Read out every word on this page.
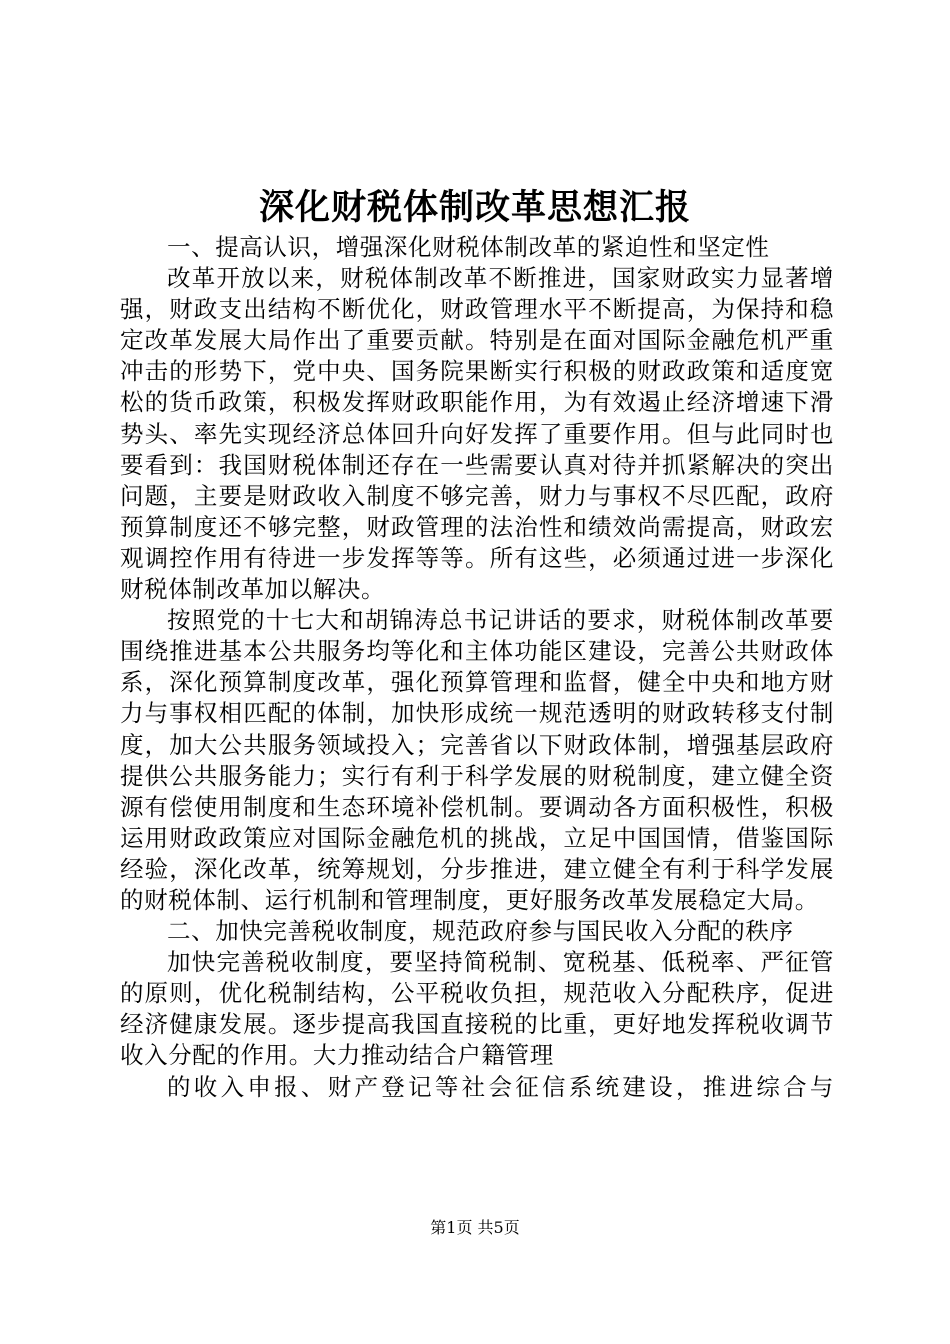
深化财税体制改革思想汇报

一、提高认识，增强深化财税体制改革的紧迫性和坚定性

改革开放以来，财税体制改革不断推进，国家财政实力显著增强，财政支出结构不断优化，财政管理水平不断提高，为保持和稳定改革发展大局作出了重要贡献。特别是在面对国际金融危机严重冲击的形势下，党中央、国务院果断实行积极的财政政策和适度宽松的货币政策，积极发挥财政职能作用，为有效遏止经济增速下滑势头、率先实现经济总体回升向好发挥了重要作用。但与此同时也要看到：我国财税体制还存在一些需要认真对待并抓紧解决的突出问题，主要是财政收入制度不够完善，财力与事权不尽匹配，政府预算制度还不够完整，财政管理的法治性和绩效尚需提高，财政宏观调控作用有待进一步发挥等等。所有这些，必须通过进一步深化财税体制改革加以解决。

按照党的十七大和胡锦涛总书记讲话的要求，财税体制改革要围绕推进基本公共服务均等化和主体功能区建设，完善公共财政体系，深化预算制度改革，强化预算管理和监督，健全中央和地方财力与事权相匹配的体制，加快形成统一规范透明的财政转移支付制度，加大公共服务领域投入；完善省以下财政体制，增强基层政府提供公共服务能力；实行有利于科学发展的财税制度，建立健全资源有偿使用制度和生态环境补偿机制。要调动各方面积极性，积极运用财政政策应对国际金融危机的挑战，立足中国国情，借鉴国际经验，深化改革，统筹规划，分步推进，建立健全有利于科学发展的财税体制、运行机制和管理制度，更好服务改革发展稳定大局。

二、加快完善税收制度，规范政府参与国民收入分配的秩序

加快完善税收制度，要坚持简税制、宽税基、低税率、严征管的原则，优化税制结构，公平税收负担，规范收入分配秩序，促进经济健康发展。逐步提高我国直接税的比重，更好地发挥税收调节收入分配的作用。大力推动结合户籍管理

的收入申报、财产登记等社会征信系统建设，推进综合与

第1页 共5页
